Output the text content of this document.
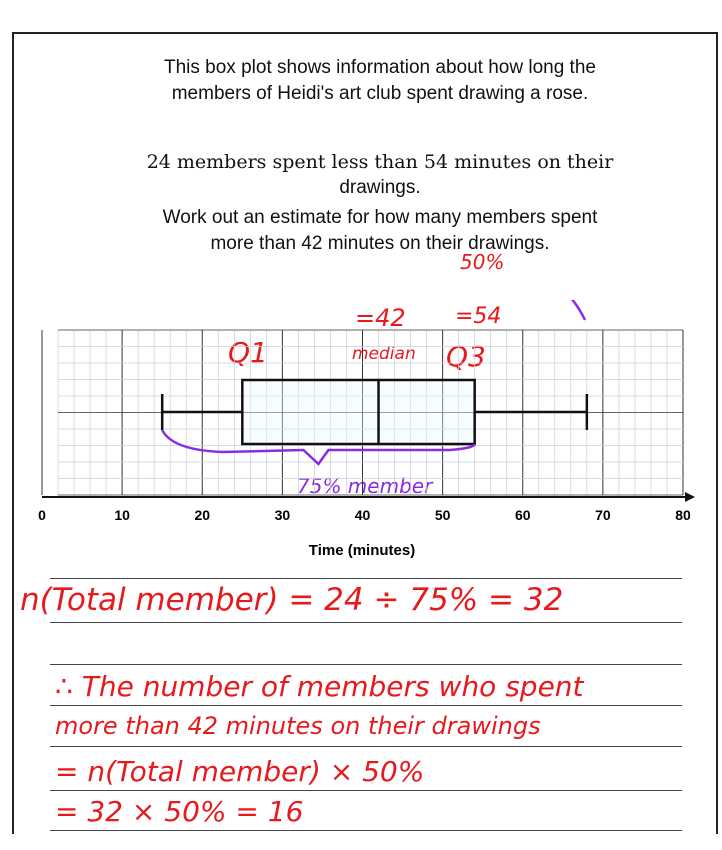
This box plot shows information about how long the
members of Heidi's art club spent drawing a rose.
24 members spent less than 54 minutes on their
drawings.
Work out an estimate for how many members spent
more than 42 minutes on their drawings.
50%
=42 =54
Q1	median Q3
75% member
0	10	20	30	40	50	60	70	80
Time (minutes)
n(Total member) = 24 ÷ 75% = 32
∴ The number of members who spent
more than 42 minutes on their drawings
= n(Total member) × 50%
= 32 × 50% = 16
